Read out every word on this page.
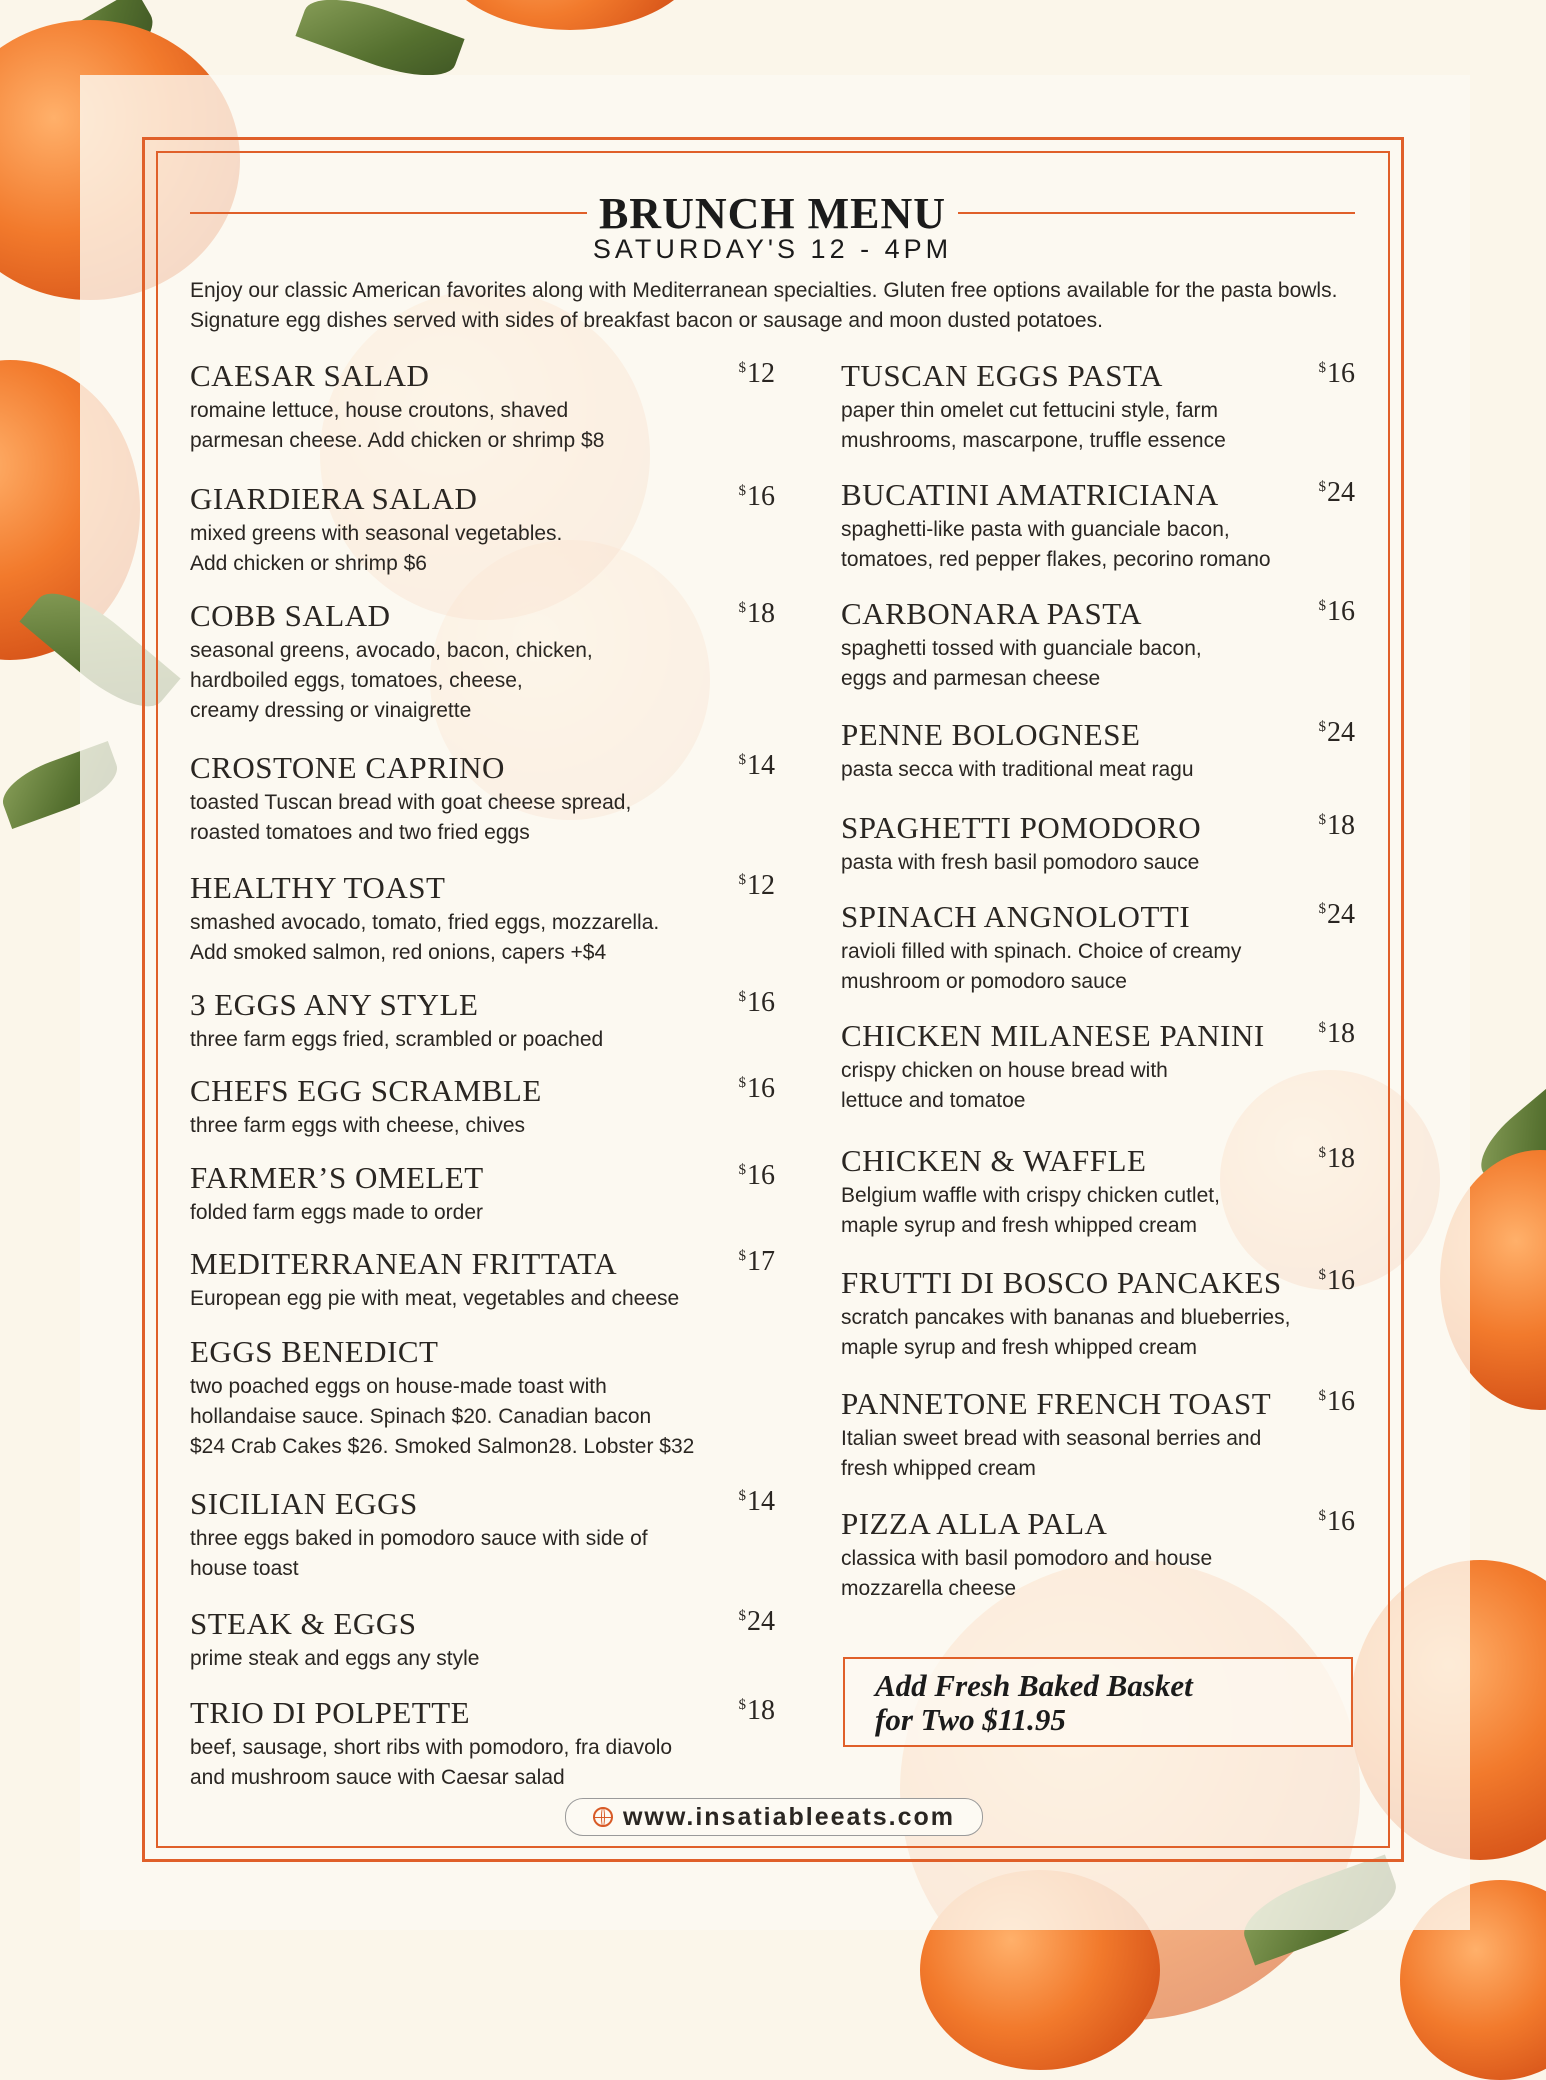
BRUNCH MENU
SATURDAY'S 12 - 4PM
Enjoy our classic American favorites along with Mediterranean specialties. Gluten free options available for the pasta bowls. Signature egg dishes served with sides of breakfast bacon or sausage and moon dusted potatoes.
CAESAR SALAD	$12
romaine lettuce, house croutons, shaved
parmesan cheese. Add chicken or shrimp $8
GIARDIERA SALAD	$16
mixed greens with seasonal vegetables.
Add chicken or shrimp $6
COBB SALAD	$18
seasonal greens, avocado, bacon, chicken,
hardboiled eggs, tomatoes, cheese,
creamy dressing or vinaigrette
CROSTONE CAPRINO	$14
toasted Tuscan bread with goat cheese spread,
roasted tomatoes and two fried eggs
HEALTHY TOAST	$12
smashed avocado, tomato, fried eggs, mozzarella.
Add smoked salmon, red onions, capers +$4
3 EGGS ANY STYLE	$16
three farm eggs fried, scrambled or poached
CHEFS EGG SCRAMBLE	$16
three farm eggs with cheese, chives
FARMER’S OMELET	$16
folded farm eggs made to order
MEDITERRANEAN FRITTATA	$17
European egg pie with meat, vegetables and cheese
EGGS BENEDICT
two poached eggs on house-made toast with
hollandaise sauce. Spinach $20. Canadian bacon
$24 Crab Cakes $26. Smoked Salmon28. Lobster $32
SICILIAN EGGS	$14
three eggs baked in pomodoro sauce with side of
house toast
STEAK & EGGS	$24
prime steak and eggs any style
TRIO DI POLPETTE	$18
beef, sausage, short ribs with pomodoro, fra diavolo
and mushroom sauce with Caesar salad
TUSCAN EGGS PASTA	$16
paper thin omelet cut fettucini style, farm
mushrooms, mascarpone, truffle essence
BUCATINI AMATRICIANA	$24
spaghetti-like pasta with guanciale bacon,
tomatoes, red pepper flakes, pecorino romano
CARBONARA PASTA	$16
spaghetti tossed with guanciale bacon,
eggs and parmesan cheese
PENNE BOLOGNESE	$24
pasta secca with traditional meat ragu
SPAGHETTI POMODORO	$18
pasta with fresh basil pomodoro sauce
SPINACH ANGNOLOTTI	$24
ravioli filled with spinach. Choice of creamy
mushroom or pomodoro sauce
CHICKEN MILANESE PANINI	$18
crispy chicken on house bread with
lettuce and tomatoe
CHICKEN & WAFFLE	$18
Belgium waffle with crispy chicken cutlet,
maple syrup and fresh whipped cream
FRUTTI DI BOSCO PANCAKES	$16
scratch pancakes with bananas and blueberries,
maple syrup and fresh whipped cream
PANNETONE FRENCH TOAST	$16
Italian sweet bread with seasonal berries and
fresh whipped cream
PIZZA ALLA PALA	$16
classica with basil pomodoro and house
mozzarella cheese
Add Fresh Baked Basket
for Two $11.95
www.insatiableeats.com
